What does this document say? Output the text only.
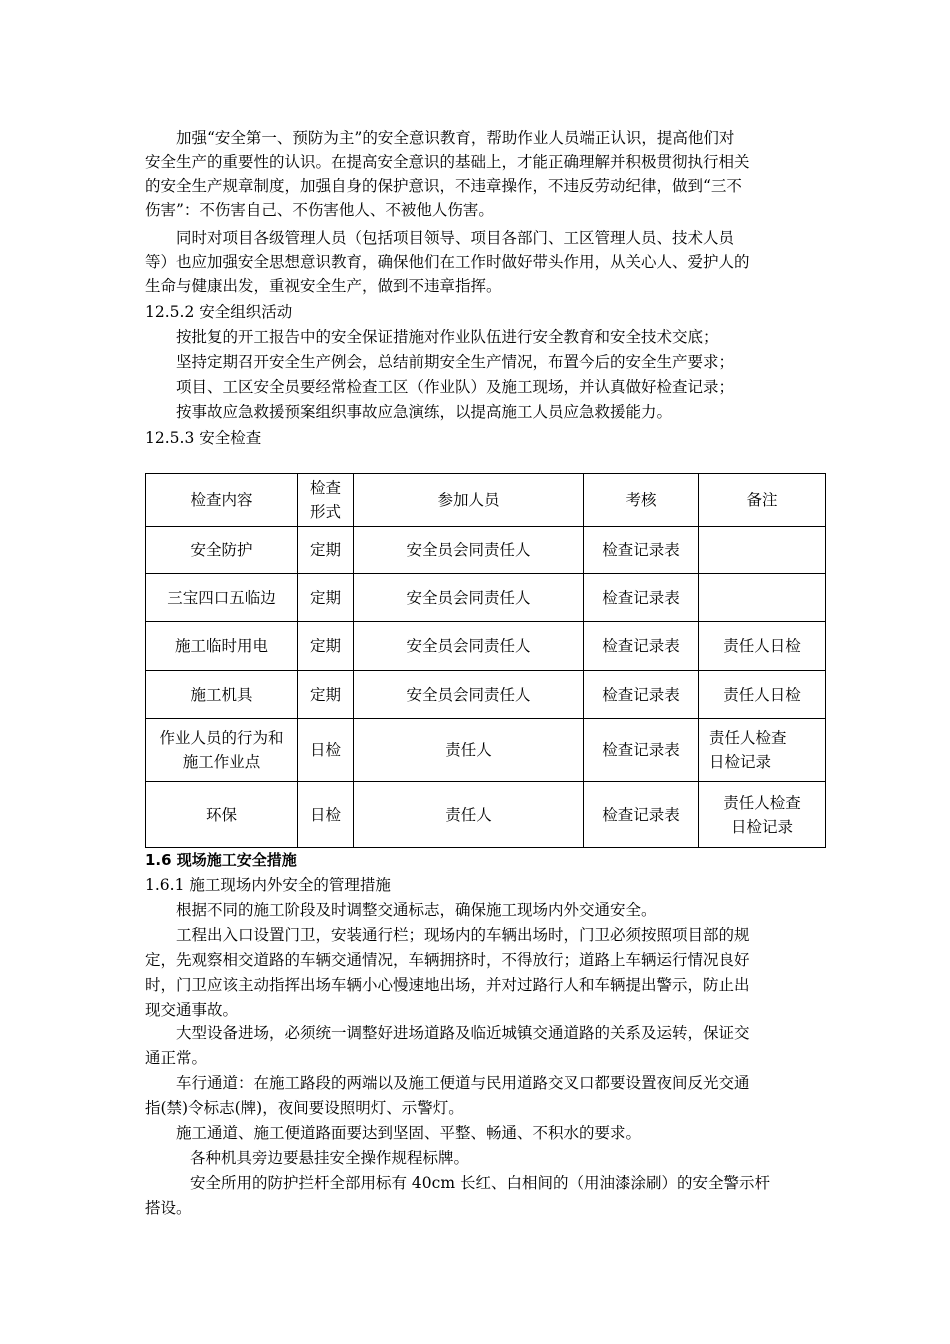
加强“安全第一、预防为主”的安全意识教育，帮助作业人员端正认识，提高他们对
安全生产的重要性的认识。在提高安全意识的基础上，才能正确理解并积极贯彻执行相关
的安全生产规章制度，加强自身的保护意识，不违章操作，不违反劳动纪律，做到“三不
伤害”：不伤害自己、不伤害他人、不被他人伤害。
同时对项目各级管理人员（包括项目领导、项目各部门、工区管理人员、技术人员
等）也应加强安全思想意识教育，确保他们在工作时做好带头作用，从关心人、爱护人的
生命与健康出发，重视安全生产，做到不违章指挥。
12.5.2 安全组织活动
按批复的开工报告中的安全保证措施对作业队伍进行安全教育和安全技术交底；
坚持定期召开安全生产例会，总结前期安全生产情况，布置今后的安全生产要求；
项目、工区安全员要经常检查工区（作业队）及施工现场，并认真做好检查记录；
按事故应急救援预案组织事故应急演练，以提高施工人员应急救援能力。
12.5.3 安全检查
检查内容	检查
形式	参加人员	考核	备注
安全防护	定期	安全员会同责任人	检查记录表	
三宝四口五临边	定期	安全员会同责任人	检查记录表	
施工临时用电	定期	安全员会同责任人	检查记录表	责任人日检
施工机具	定期	安全员会同责任人	检查记录表	责任人日检
作业人员的行为和
施工作业点	日检	责任人	检查记录表	责任人检查
日检记录
环保	日检	责任人	检查记录表	责任人检查
日检记录
1.6 现场施工安全措施
1.6.1 施工现场内外安全的管理措施
根据不同的施工阶段及时调整交通标志，确保施工现场内外交通安全。
工程出入口设置门卫，安装通行栏；现场内的车辆出场时，门卫必须按照项目部的规
定，先观察相交道路的车辆交通情况，车辆拥挤时，不得放行；道路上车辆运行情况良好
时，门卫应该主动指挥出场车辆小心慢速地出场，并对过路行人和车辆提出警示，防止出
现交通事故。
大型设备进场，必须统一调整好进场道路及临近城镇交通道路的关系及运转，保证交
通正常。
车行通道：在施工路段的两端以及施工便道与民用道路交叉口都要设置夜间反光交通
指(禁)令标志(牌)，夜间要设照明灯、示警灯。
施工通道、施工便道路面要达到坚固、平整、畅通、不积水的要求。
各种机具旁边要悬挂安全操作规程标牌。
安全所用的防护拦杆全部用标有 40cm 长红、白相间的（用油漆涂刷）的安全警示杆
搭设。
